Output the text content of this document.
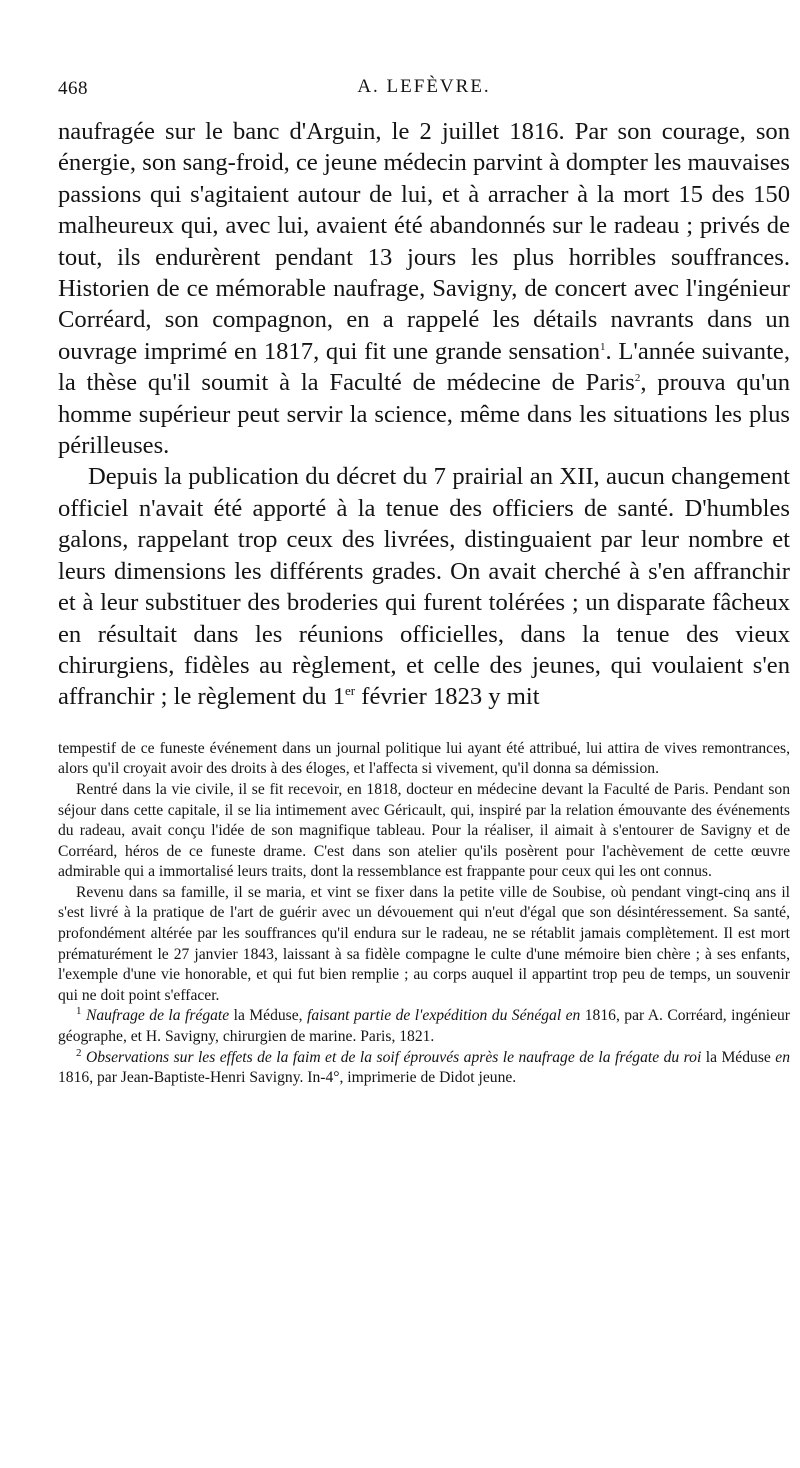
468	A. LEFÈVRE.

naufragée sur le banc d'Arguin, le 2 juillet 1816. Par son courage, son énergie, son sang-froid, ce jeune médecin parvint à dompter les mauvaises passions qui s'agitaient autour de lui, et à arracher à la mort 15 des 150 malheureux qui, avec lui, avaient été abandonnés sur le radeau ; privés de tout, ils endurèrent pendant 13 jours les plus horribles souffrances. Historien de ce mémorable naufrage, Savigny, de concert avec l'ingénieur Corréard, son compagnon, en a rappelé les détails navrants dans un ouvrage imprimé en 1817, qui fit une grande sensation$^1$. L'année suivante, la thèse qu'il soumit à la Faculté de médecine de Paris$^2$, prouva qu'un homme supérieur peut servir la science, même dans les situations les plus périlleuses.

Depuis la publication du décret du 7 prairial an XII, aucun changement officiel n'avait été apporté à la tenue des officiers de santé. D'humbles galons, rappelant trop ceux des livrées, distinguaient par leur nombre et leurs dimensions les différents grades. On avait cherché à s'en affranchir et à leur substituer des broderies qui furent tolérées ; un disparate fâcheux en résultait dans les réunions officielles, dans la tenue des vieux chirurgiens, fidèles au règlement, et celle des jeunes, qui voulaient s'en affranchir ; le règlement du 1er février 1823 y mit

tempestif de ce funeste événement dans un journal politique lui ayant été attribué, lui attira de vives remontrances, alors qu'il croyait avoir des droits à des éloges, et l'affecta si vivement, qu'il donna sa démission.

Rentré dans la vie civile, il se fit recevoir, en 1818, docteur en médecine devant la Faculté de Paris. Pendant son séjour dans cette capitale, il se lia intimement avec Géricault, qui, inspiré par la relation émouvante des événements du radeau, avait conçu l'idée de son magnifique tableau. Pour la réaliser, il aimait à s'entourer de Savigny et de Corréard, héros de ce funeste drame. C'est dans son atelier qu'ils posèrent pour l'achèvement de cette œuvre admirable qui a immortalisé leurs traits, dont la ressemblance est frappante pour ceux qui les ont connus.

Revenu dans sa famille, il se maria, et vint se fixer dans la petite ville de Soubise, où pendant vingt-cinq ans il s'est livré à la pratique de l'art de guérir avec un dévouement qui n'eut d'égal que son désintéressement. Sa santé, profondément altérée par les souffrances qu'il endura sur le radeau, ne se rétablit jamais complètement. Il est mort prématurément le 27 janvier 1843, laissant à sa fidèle compagne le culte d'une mémoire bien chère ; à ses enfants, l'exemple d'une vie honorable, et qui fut bien remplie ; au corps auquel il appartint trop peu de temps, un souvenir qui ne doit point s'effacer.

$^1$ Naufrage de la frégate la Méduse, faisant partie de l'expédition du Sénégal en 1816, par A. Corréard, ingénieur géographe, et H. Savigny, chirurgien de marine. Paris, 1821.

$^2$ Observations sur les effets de la faim et de la soif éprouvés après le naufrage de la frégate du roi la Méduse en 1816, par Jean-Baptiste-Henri Savigny. In-4°, imprimerie de Didot jeune.
